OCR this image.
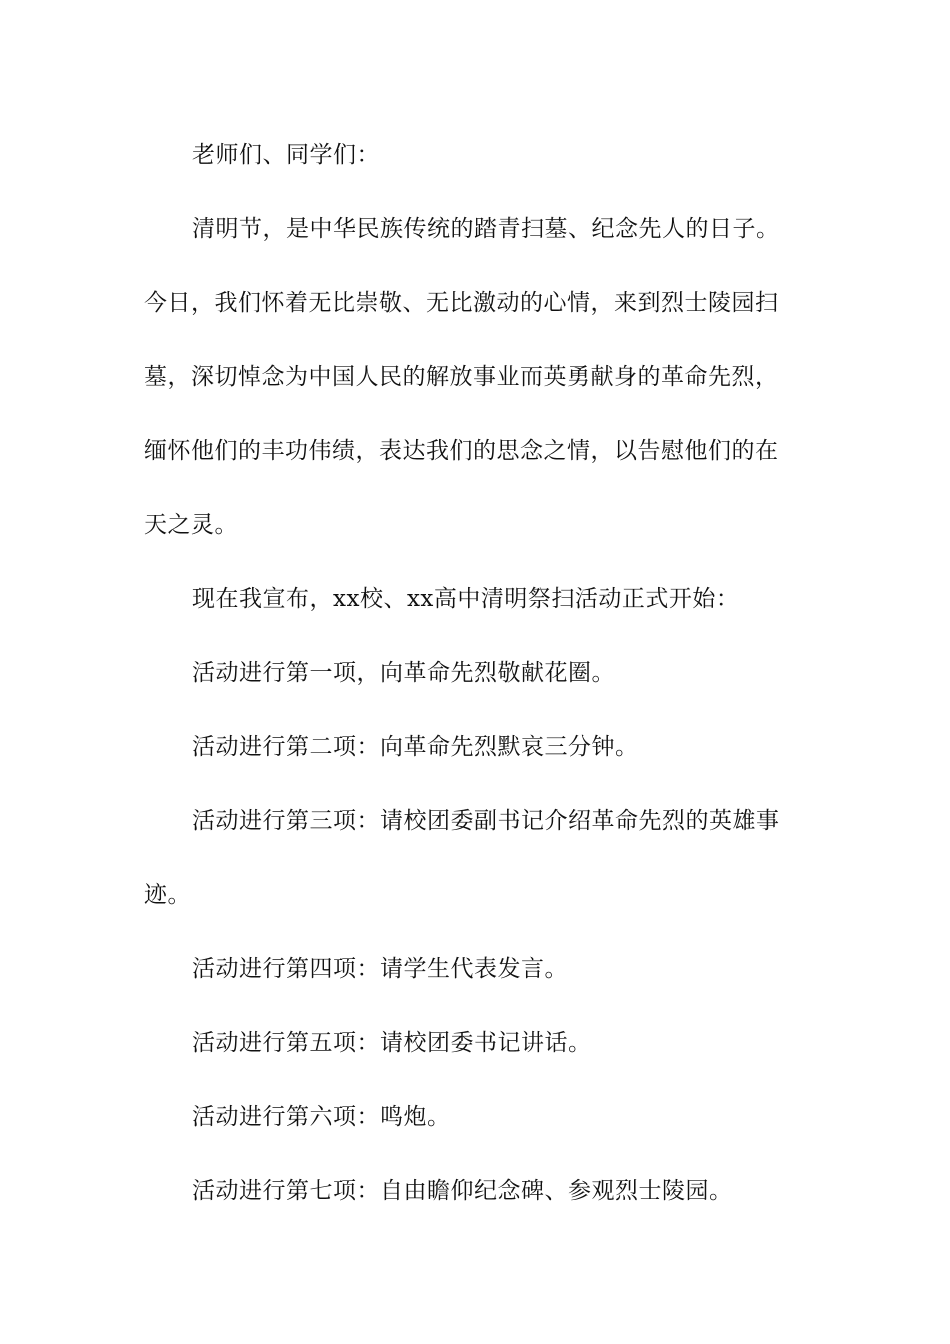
老师们、同学们：

清明节，是中华民族传统的踏青扫墓、纪念先人的日子。
今日，我们怀着无比崇敬、无比激动的心情，来到烈士陵园扫
墓，深切悼念为中国人民的解放事业而英勇献身的革命先烈，
缅怀他们的丰功伟绩，表达我们的思念之情，以告慰他们的在
天之灵。

现在我宣布，xx校、xx高中清明祭扫活动正式开始：

活动进行第一项，向革命先烈敬献花圈。

活动进行第二项：向革命先烈默哀三分钟。

活动进行第三项：请校团委副书记介绍革命先烈的英雄事
迹。

活动进行第四项：请学生代表发言。

活动进行第五项：请校团委书记讲话。

活动进行第六项：鸣炮。

活动进行第七项：自由瞻仰纪念碑、参观烈士陵园。
